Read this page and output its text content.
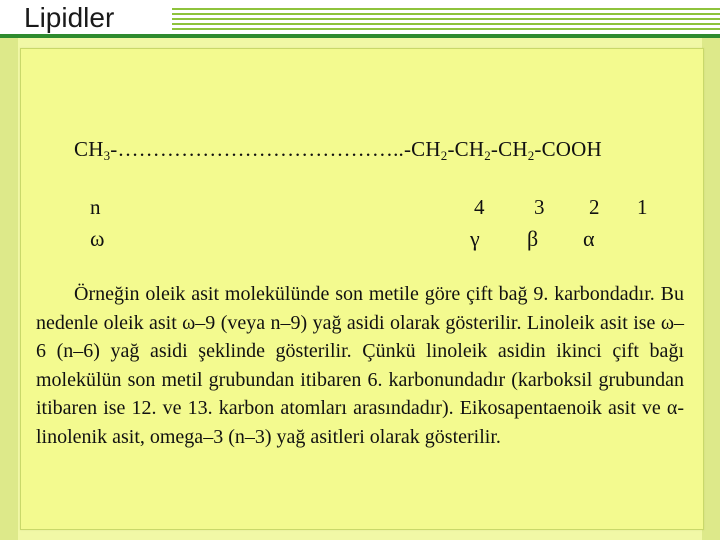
Lipidler
$CH_3-\dots\dots\dots\dots\dots\dots\dots\dots\dots\dots\dots\dots\dots..-CH_2-CH_2-CH_2$-COOH
n	4 3 2 1
ω	γ β α

Örneğin oleik asit molekülünde son metile göre çift bağ 9. karbondadır. Bu nedenle oleik asit ω–9 (veya n–9) yağ asidi olarak gösterilir. Linoleik asit ise ω–6 (n–6) yağ asidi şeklinde gösterilir. Çünkü linoleik asidin ikinci çift bağı molekülün son metil grubundan itibaren 6. karbonundadır (karboksil grubundan itibaren ise 12. ve 13. karbon atomları arasındadır). Eikosapentaenoik asit ve α-linolenik asit, omega–3 (n–3) yağ asitleri olarak gösterilir.
